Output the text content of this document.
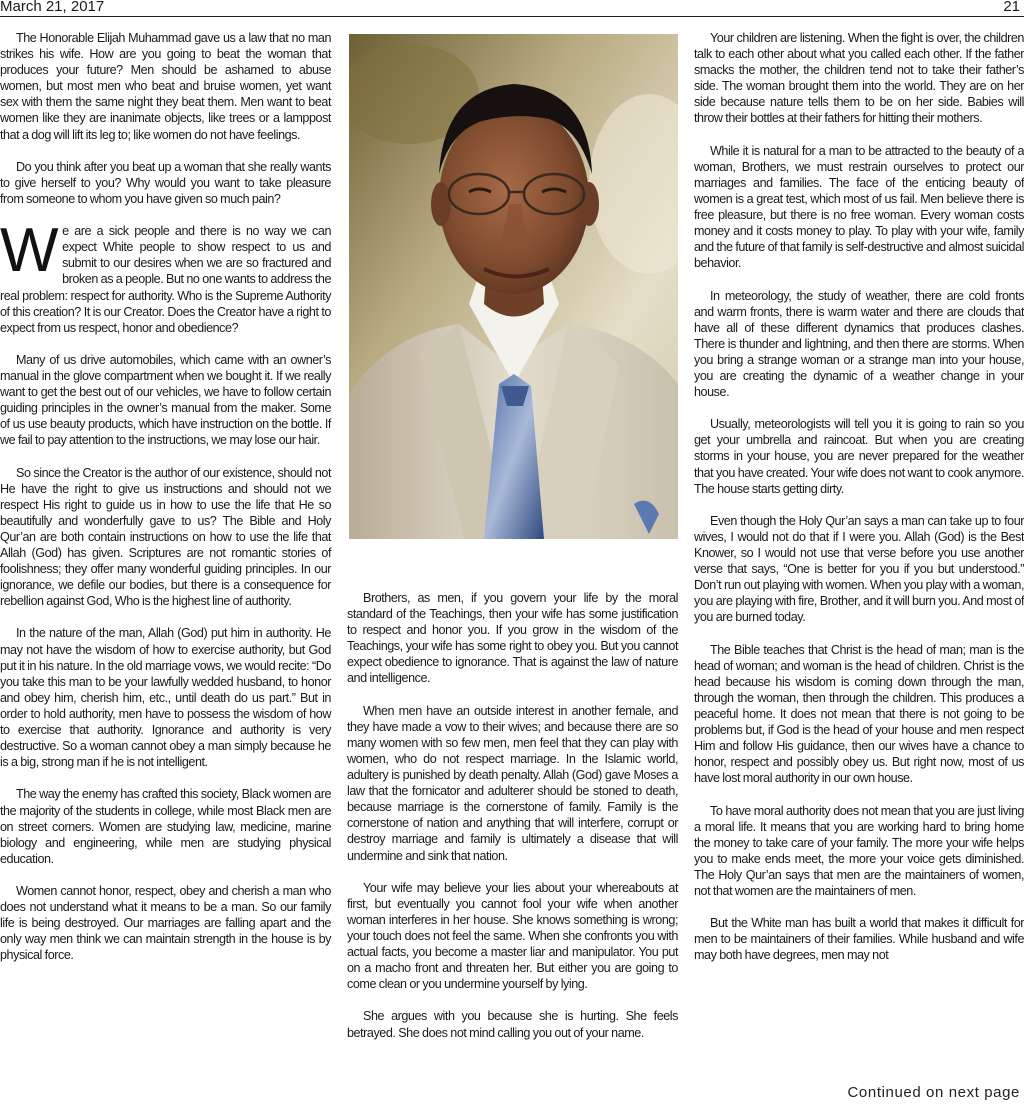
March 21, 2017	21

The Honorable Elijah Muhammad gave us a law that no man strikes his wife. How are you going to beat the woman that produces your future? Men should be ashamed to abuse women, but most men who beat and bruise women, yet want sex with them the same night they beat them. Men want to beat women like they are inanimate objects, like trees or a lamppost that a dog will lift its leg to; like women do not have feelings.

Do you think after you beat up a woman that she really wants to give herself to you? Why would you want to take pleasure from someone to whom you have given so much pain?

We are a sick people and there is no way we can expect White people to show respect to us and submit to our desires when we are so fractured and broken as a people. But no one wants to address the real problem: respect for authority. Who is the Supreme Authority of this creation? It is our Creator. Does the Creator have a right to expect from us respect, honor and obedience?

Many of us drive automobiles, which came with an owner’s manual in the glove compartment when we bought it. If we really want to get the best out of our vehicles, we have to follow certain guiding principles in the owner’s manual from the maker. Some of us use beauty products, which have instruction on the bottle. If we fail to pay attention to the instructions, we may lose our hair.

So since the Creator is the author of our existence, should not He have the right to give us instructions and should not we respect His right to guide us in how to use the life that He so beautifully and wonderfully gave to us? The Bible and Holy Qur’an are both contain instructions on how to use the life that Allah (God) has given. Scriptures are not romantic stories of foolishness; they offer many wonderful guiding principles. In our ignorance, we defile our bodies, but there is a consequence for rebellion against God, Who is the highest line of authority.

In the nature of the man, Allah (God) put him in authority. He may not have the wisdom of how to exercise authority, but God put it in his nature. In the old marriage vows, we would recite: “Do you take this man to be your lawfully wedded husband, to honor and obey him, cherish him, etc., until death do us part.” But in order to hold authority, men have to possess the wisdom of how to exercise that authority. Ignorance and authority is very destructive. So a woman cannot obey a man simply because he is a big, strong man if he is not intelligent.

The way the enemy has crafted this society, Black women are the majority of the students in college, while most Black men are on street corners. Women are studying law, medicine, marine biology and engineering, while men are studying physical education.

Women cannot honor, respect, obey and cherish a man who does not understand what it means to be a man. So our family life is being destroyed. Our marriages are falling apart and the only way men think we can maintain strength in the house is by physical force.

Brothers, as men, if you govern your life by the moral standard of the Teachings, then your wife has some justification to respect and honor you. If you grow in the wisdom of the Teachings, your wife has some right to obey you. But you cannot expect obedience to ignorance. That is against the law of nature and intelligence.

When men have an outside interest in another female, and they have made a vow to their wives; and because there are so many women with so few men, men feel that they can play with women, who do not respect marriage. In the Islamic world, adultery is punished by death penalty. Allah (God) gave Moses a law that the fornicator and adulterer should be stoned to death, because marriage is the cornerstone of family. Family is the cornerstone of nation and anything that will interfere, corrupt or destroy marriage and family is ultimately a disease that will undermine and sink that nation.

Your wife may believe your lies about your whereabouts at first, but eventually you cannot fool your wife when another woman interferes in her house. She knows something is wrong; your touch does not feel the same. When she confronts you with actual facts, you become a master liar and manipulator. You put on a macho front and threaten her. But either you are going to come clean or you undermine yourself by lying.

She argues with you because she is hurting. She feels betrayed. She does not mind calling you out of your name.

Your children are listening. When the fight is over, the children talk to each other about what you called each other. If the father smacks the mother, the children tend not to take their father’s side. The woman brought them into the world. They are on her side because nature tells them to be on her side. Babies will throw their bottles at their fathers for hitting their mothers.

While it is natural for a man to be attracted to the beauty of a woman, Brothers, we must restrain ourselves to protect our marriages and families. The face of the enticing beauty of women is a great test, which most of us fail. Men believe there is free pleasure, but there is no free woman. Every woman costs money and it costs money to play. To play with your wife, family and the future of that family is self-destructive and almost suicidal behavior.

In meteorology, the study of weather, there are cold fronts and warm fronts, there is warm water and there are clouds that have all of these different dynamics that produces clashes. There is thunder and lightning, and then there are storms. When you bring a strange woman or a strange man into your house, you are creating the dynamic of a weather change in your house.

Usually, meteorologists will tell you it is going to rain so you get your umbrella and raincoat. But when you are creating storms in your house, you are never prepared for the weather that you have created. Your wife does not want to cook anymore. The house starts getting dirty.

Even though the Holy Qur’an says a man can take up to four wives, I would not do that if I were you. Allah (God) is the Best Knower, so I would not use that verse before you use another verse that says, “One is better for you if you but understood.” Don’t run out playing with women. When you play with a woman, you are playing with fire, Brother, and it will burn you. And most of you are burned today.

The Bible teaches that Christ is the head of man; man is the head of woman; and woman is the head of children. Christ is the head because his wisdom is coming down through the man, through the woman, then through the children. This produces a peaceful home. It does not mean that there is not going to be problems but, if God is the head of your house and men respect Him and follow His guidance, then our wives have a chance to honor, respect and possibly obey us. But right now, most of us have lost moral authority in our own house.

To have moral authority does not mean that you are just living a moral life. It means that you are working hard to bring home the money to take care of your family. The more your wife helps you to make ends meet, the more your voice gets diminished. The Holy Qur’an says that men are the maintainers of women, not that women are the maintainers of men.

But the White man has built a world that makes it difficult for men to be maintainers of their families. While husband and wife may both have degrees, men may not

Continued on next page
